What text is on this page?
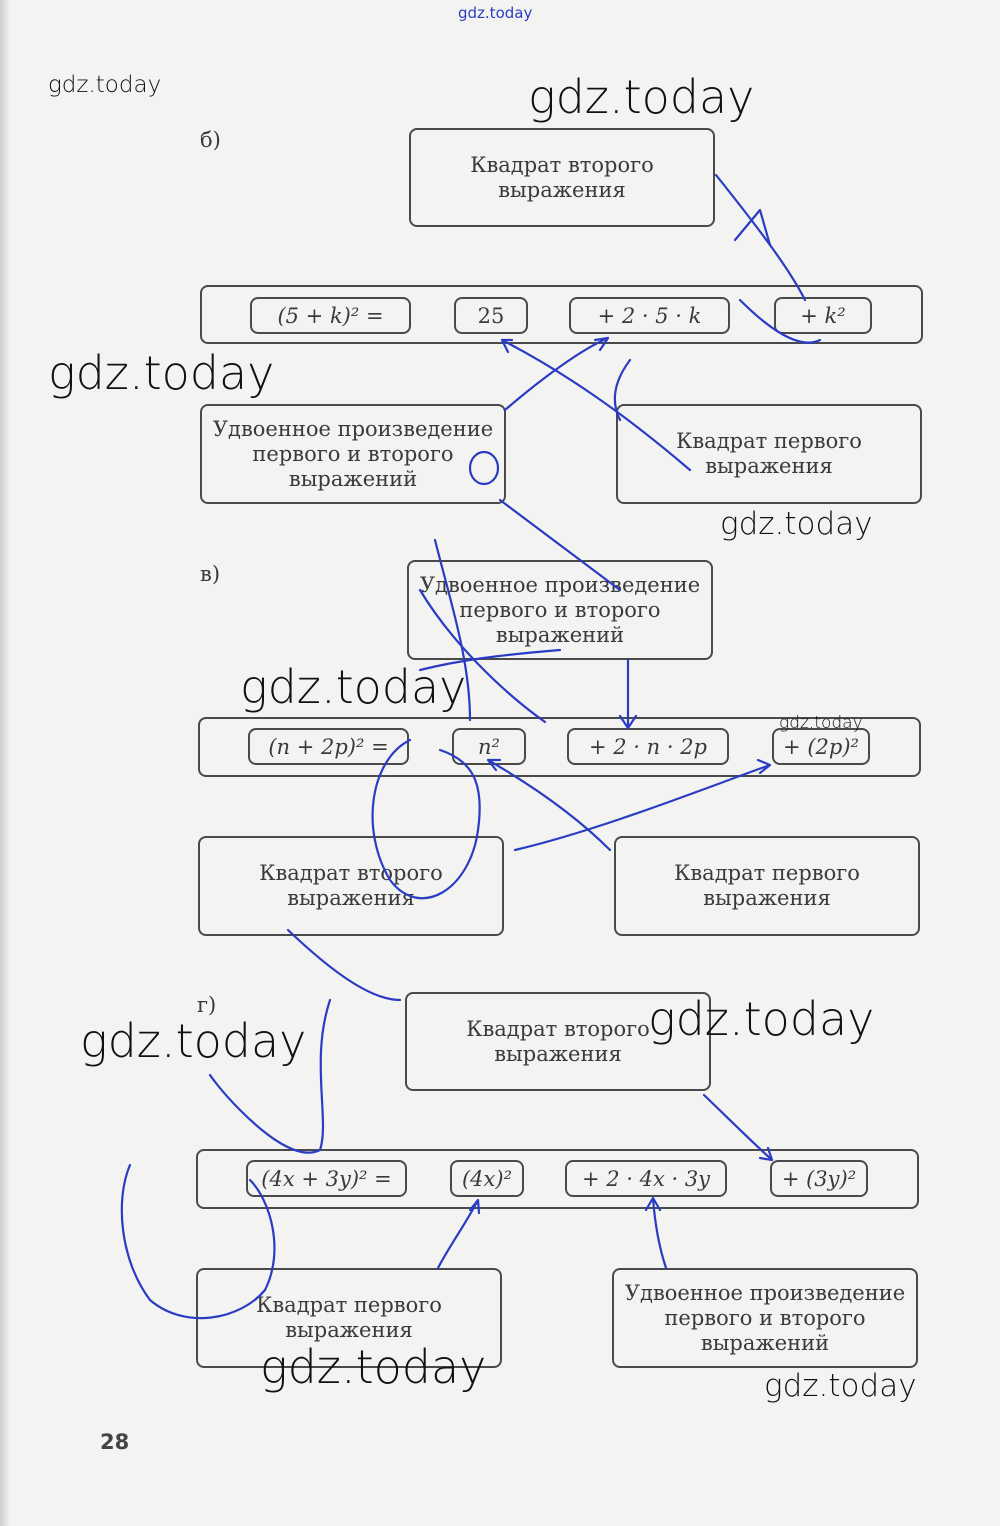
gdz.today
б)
Квадрат второго
выражения
(5 + k)² =	25	+ 2 · 5 · k	+ k²
Удвоенное произведение
первого и второго
выражений
Квадрат первого
выражения
в)	Удвоенное произведение
первого и второго
выражений
(n + 2p)² =	n²	+ 2 · n · 2p	+ (2p)²
Квадрат второго
выражения
Квадрат первого
выражения
г)
Квадрат второго
выражения
(4x + 3y)² =	(4x)²	+ 2 · 4x · 3y	+ (3y)²
Квадрат первого
выражения
Удвоенное произведение
первого и второго
выражений
gdz.today	gdz.today
gdz.today
gdz.today
gdz.today
gdz.today
gdz.today
gdz.today
gdz.today	gdz.today
28
